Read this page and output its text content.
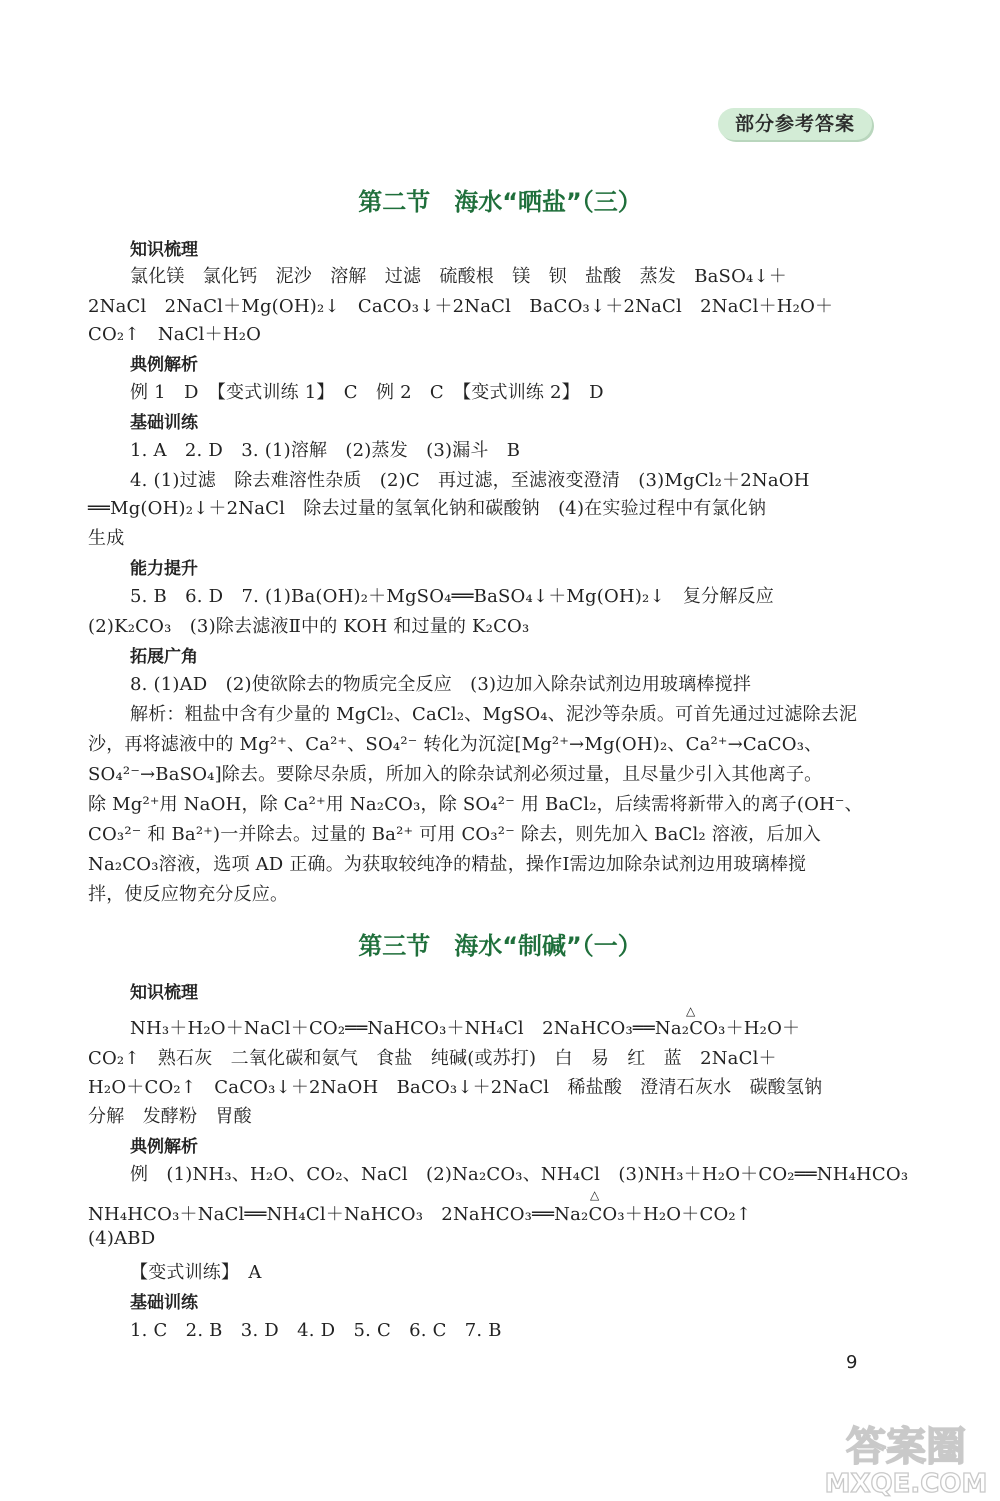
部分参考答案
第二节　海水“晒盐”（三）
知识梳理
氯化镁　氯化钙　泥沙　溶解　过滤　硫酸根　镁　钡　盐酸　蒸发　BaSO₄↓＋
2NaCl　2NaCl＋Mg(OH)₂↓　CaCO₃↓＋2NaCl　BaCO₃↓＋2NaCl　2NaCl＋H₂O＋
CO₂↑　NaCl＋H₂O
典例解析
例 1　D　【变式训练 1】　C　例 2　C　【变式训练 2】　D
基础训练
1. A　2. D　3. (1)溶解　(2)蒸发　(3)漏斗　B
4. (1)过滤　除去难溶性杂质　(2)C　再过滤，至滤液变澄清　(3)MgCl₂＋2NaOH
══Mg(OH)₂↓＋2NaCl　除去过量的氢氧化钠和碳酸钠　(4)在实验过程中有氯化钠
生成
能力提升
5. B　6. D　7. (1)Ba(OH)₂＋MgSO₄══BaSO₄↓＋Mg(OH)₂↓　复分解反应
(2)K₂CO₃　(3)除去滤液Ⅱ中的 KOH 和过量的 K₂CO₃
拓展广角
8. (1)AD　(2)使欲除去的物质完全反应　(3)边加入除杂试剂边用玻璃棒搅拌
解析：粗盐中含有少量的 MgCl₂、CaCl₂、MgSO₄、泥沙等杂质。可首先通过过滤除去泥
沙，再将滤液中的 Mg²⁺、Ca²⁺、SO₄²⁻ 转化为沉淀[Mg²⁺→Mg(OH)₂、Ca²⁺→CaCO₃、
SO₄²⁻→BaSO₄]除去。要除尽杂质，所加入的除杂试剂必须过量，且尽量少引入其他离子。
除 Mg²⁺用 NaOH，除 Ca²⁺用 Na₂CO₃，除 SO₄²⁻ 用 BaCl₂，后续需将新带入的离子(OH⁻、
CO₃²⁻ 和 Ba²⁺)一并除去。过量的 Ba²⁺ 可用 CO₃²⁻ 除去，则先加入 BaCl₂ 溶液，后加入
Na₂CO₃溶液，选项 AD 正确。为获取较纯净的精盐，操作Ⅰ需边加除杂试剂边用玻璃棒搅
拌，使反应物充分反应。
第三节　海水“制碱”（一）
知识梳理
△
NH₃＋H₂O＋NaCl＋CO₂══NaHCO₃＋NH₄Cl　2NaHCO₃══Na₂CO₃＋H₂O＋
CO₂↑　熟石灰　二氧化碳和氨气　食盐　纯碱(或苏打)　白　易　红　蓝　2NaCl＋
H₂O＋CO₂↑　CaCO₃↓＋2NaOH　BaCO₃↓＋2NaCl　稀盐酸　澄清石灰水　碳酸氢钠
分解　发酵粉　胃酸
典例解析
例　(1)NH₃、H₂O、CO₂、NaCl　(2)Na₂CO₃、NH₄Cl　(3)NH₃＋H₂O＋CO₂══NH₄HCO₃
△
NH₄HCO₃＋NaCl══NH₄Cl＋NaHCO₃　2NaHCO₃══Na₂CO₃＋H₂O＋CO₂↑
(4)ABD
【变式训练】　A
基础训练
1. C　2. B　3. D　4. D　5. C　6. C　7. B
9
答案圈
MXQE.COM
